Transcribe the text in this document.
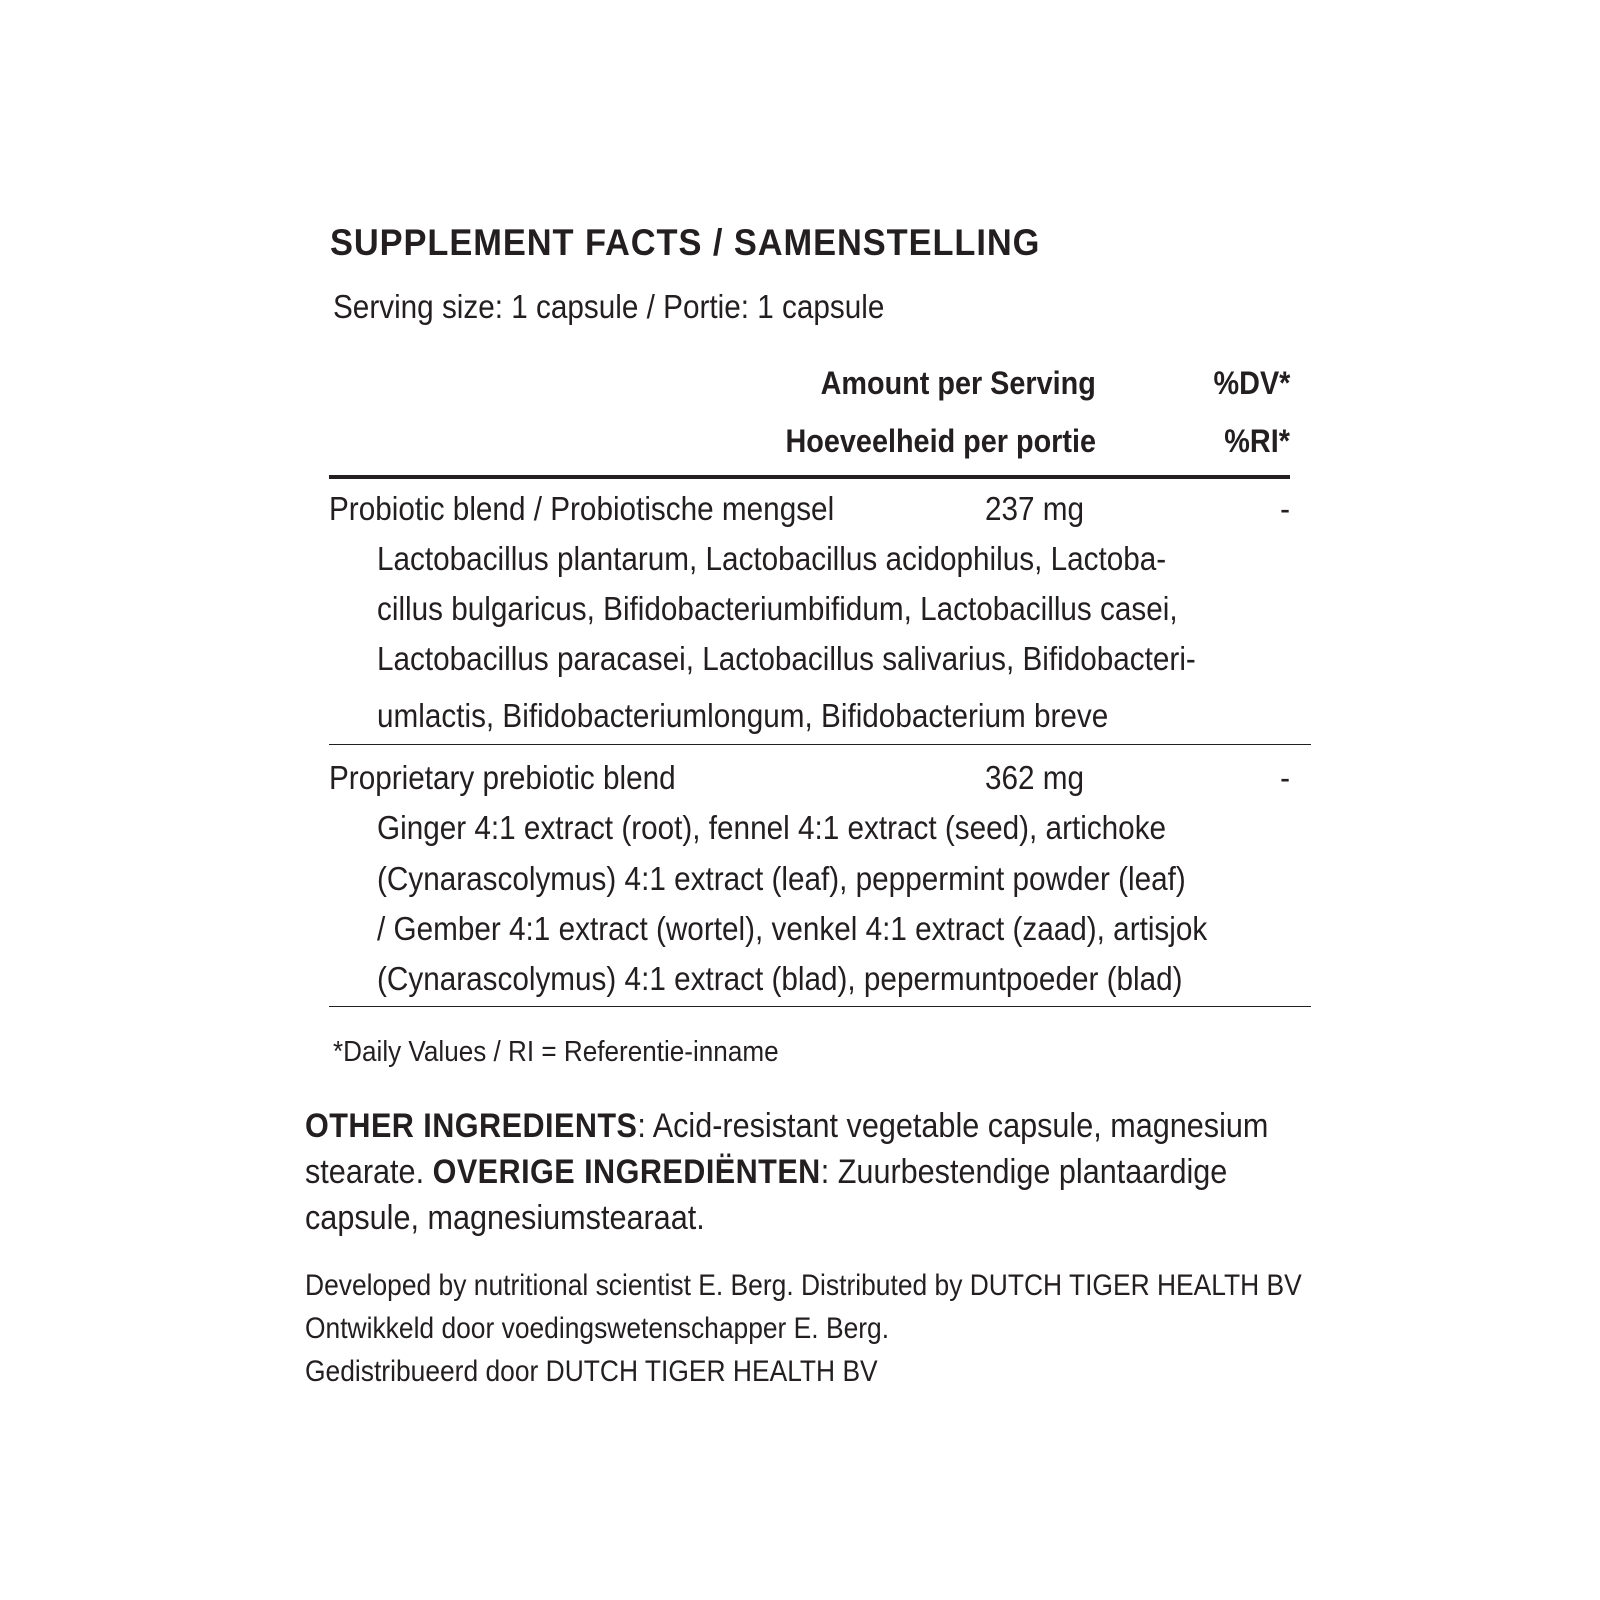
SUPPLEMENT FACTS / SAMENSTELLING
Serving size: 1 capsule / Portie: 1 capsule
Amount per Serving	%DV*
Hoeveelheid per portie	%RI*
Probiotic blend / Probiotische mengsel	237 mg	-
Lactobacillus plantarum, Lactobacillus acidophilus, Lactoba-
cillus bulgaricus, Bifidobacteriumbifidum, Lactobacillus casei,
Lactobacillus paracasei, Lactobacillus salivarius, Bifidobacteri-
umlactis, Bifidobacteriumlongum, Bifidobacterium breve
Proprietary prebiotic blend	362 mg	-
Ginger 4:1 extract (root), fennel 4:1 extract (seed), artichoke
(Cynarascolymus) 4:1 extract (leaf), peppermint powder (leaf)
/ Gember 4:1 extract (wortel), venkel 4:1 extract (zaad), artisjok
(Cynarascolymus) 4:1 extract (blad), pepermuntpoeder (blad)
*Daily Values / RI = Referentie-inname
OTHER INGREDIENTS: Acid-resistant vegetable capsule, magnesium stearate. OVERIGE INGREDIËNTEN: Zuurbestendige plantaardige capsule, magnesiumstearaat.
Developed by nutritional scientist E. Berg. Distributed by DUTCH TIGER HEALTH BV
Ontwikkeld door voedingswetenschapper E. Berg.
Gedistribueerd door DUTCH TIGER HEALTH BV
